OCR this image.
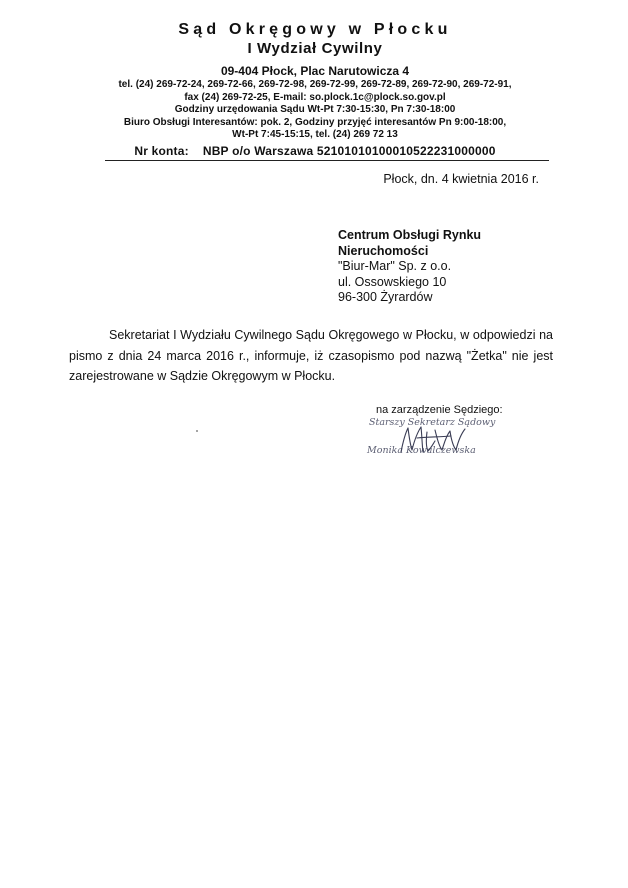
Sąd Okręgowy w Płocku
I Wydział Cywilny
09-404 Płock, Plac Narutowicza 4
tel. (24) 269-72-24, 269-72-66, 269-72-98, 269-72-99, 269-72-89, 269-72-90, 269-72-91,
fax (24) 269-72-25, E-mail: so.plock.1c@plock.so.gov.pl
Godziny urzędowania Sądu Wt-Pt 7:30-15:30, Pn 7:30-18:00
Biuro Obsługi Interesantów: pok. 2, Godziny przyjęć interesantów Pn 9:00-18:00,
Wt-Pt 7:45-15:15, tel. (24) 269 72 13
Nr konta: NBP o/o Warszawa 52101010100010522231000000
Płock, dn. 4 kwietnia 2016 r.
Centrum Obsługi Rynku
Nieruchomości
"Biur-Mar" Sp. z o.o.
ul. Ossowskiego 10
96-300 Żyrardów
Sekretariat I Wydziału Cywilnego Sądu Okręgowego w Płocku, w odpowiedzi na pismo z dnia 24 marca 2016 r., informuje, iż czasopismo pod nazwą "Żetka" nie jest zarejestrowane w Sądzie Okręgowym w Płocku.
na zarządzenie Sędziego:
Starszy Sekretarz Sądowy
Monika Kowalczewska
